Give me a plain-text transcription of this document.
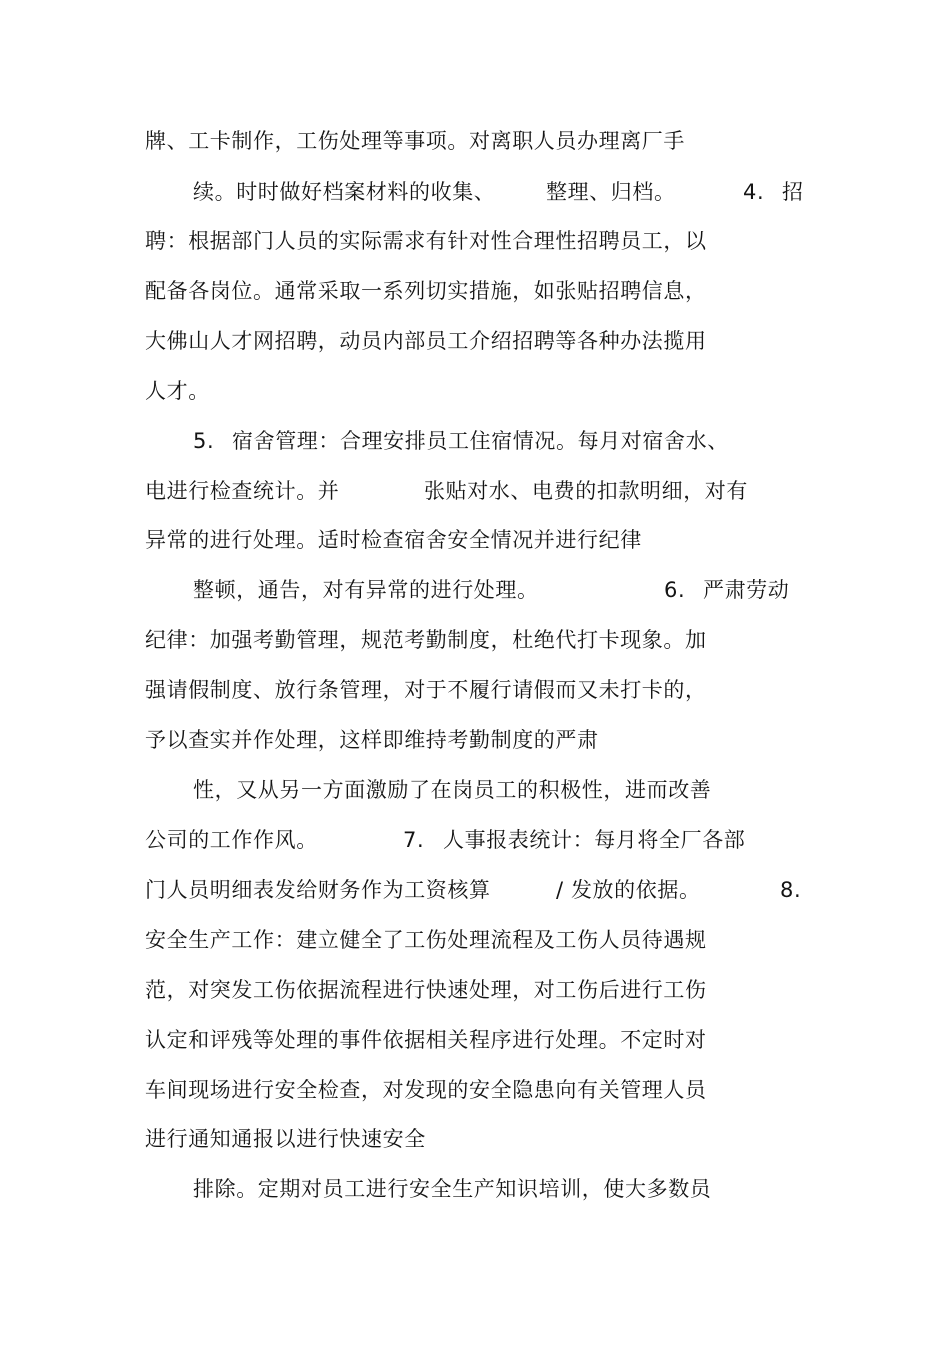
牌、工卡制作，工伤处理等事项。对离职人员办理离厂手

续。时时做好档案材料的收集、

整理、归档。

	4.

招

聘：根据部门人员的实际需求有针对性合理性招聘员工，以

配备各岗位。通常采取一系列切实措施，如张贴招聘信息，

大佛山人才网招聘，动员内部员工介绍招聘等各种办法揽用

人才。

5.

宿舍管理：合理安排员工住宿情况。每月对宿舍水、

电进行检查统计。并

	张贴对水、电费的扣款明细，对有

异常的进行处理。适时检查宿舍安全情况并进行纪律

整顿，通告，对有异常的进行处理。

	6.

严肃劳动

纪律：加强考勤管理，规范考勤制度，杜绝代打卡现象。加

强请假制度、放行条管理，对于不履行请假而又未打卡的，

予以查实并作处理，这样即维持考勤制度的严肃

性，又从另一方面激励了在岗员工的积极性，进而改善

公司的工作作风。

	7.

人事报表统计：每月将全厂各部

门人员明细表发给财务作为工资核算

	/ 发放的依据。

	8.

安全生产工作：建立健全了工伤处理流程及工伤人员待遇规

范，对突发工伤依据流程进行快速处理，对工伤后进行工伤

认定和评残等处理的事件依据相关程序进行处理。不定时对

车间现场进行安全检查，对发现的安全隐患向有关管理人员

进行通知通报以进行快速安全

排除。定期对员工进行安全生产知识培训，使大多数员
